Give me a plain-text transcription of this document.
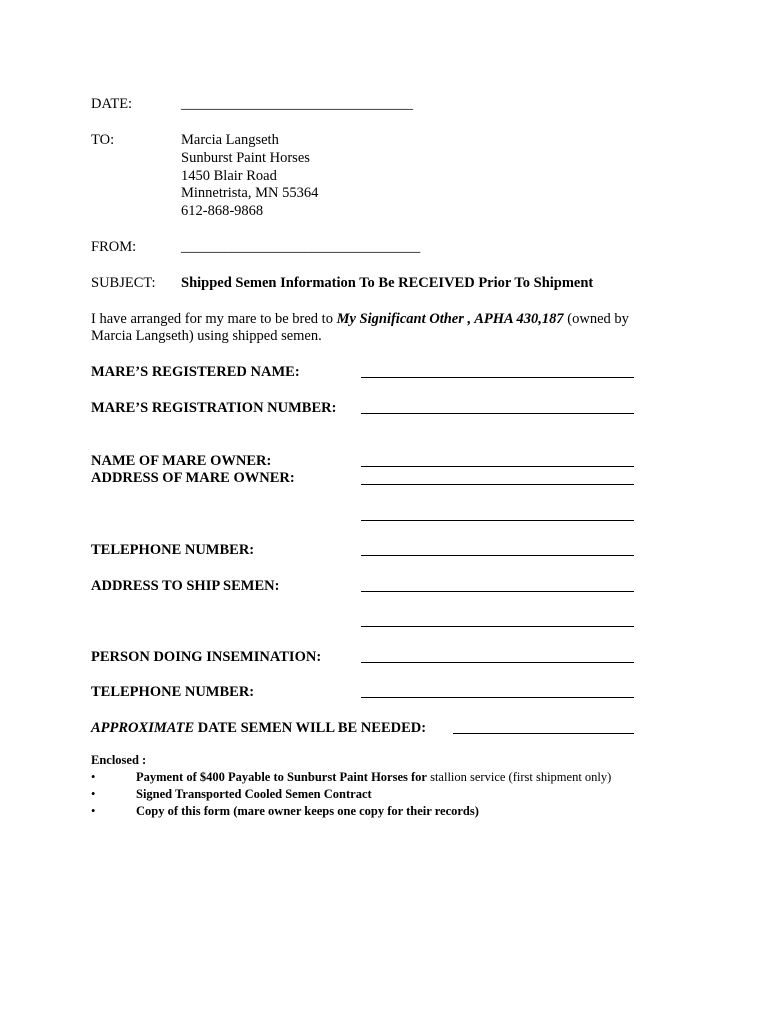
DATE:	________________________________
TO:	Marcia Langseth
Sunburst Paint Horses
1450 Blair Road
Minnetrista, MN 55364
612-868-9868
FROM:	_________________________________
SUBJECT: Shipped Semen Information To Be RECEIVED Prior To Shipment
I have arranged for my mare to be bred to My Significant Other , APHA 430,187 (owned by
Marcia Langseth) using shipped semen.
MARE’S REGISTERED NAME:
MARE’S REGISTRATION NUMBER:
NAME OF MARE OWNER:
ADDRESS OF MARE OWNER:
TELEPHONE NUMBER:
ADDRESS TO SHIP SEMEN:
PERSON DOING INSEMINATION:
TELEPHONE NUMBER:
APPROXIMATE DATE SEMEN WILL BE NEEDED:
Enclosed :
•	Payment of $400 Payable to Sunburst Paint Horses for stallion service (first shipment only)
•	Signed Transported Cooled Semen Contract
•	Copy of this form (mare owner keeps one copy for their records)
